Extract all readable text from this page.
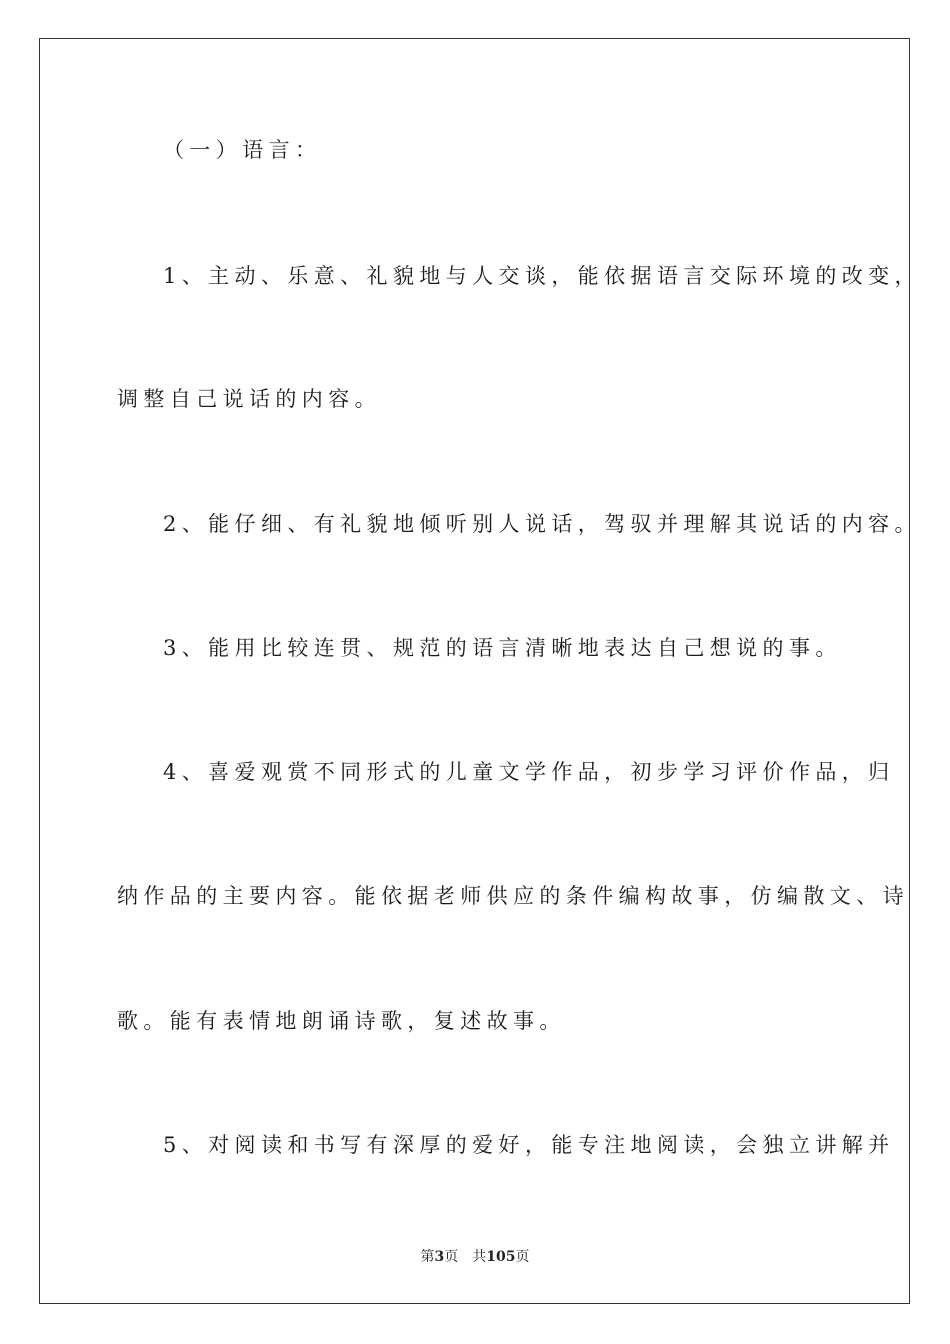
（一）语言：
1、主动、乐意、礼貌地与人交谈，能依据语言交际环境的改变，
调整自己说话的内容。
2、能仔细、有礼貌地倾听别人说话，驾驭并理解其说话的内容。
3、能用比较连贯、规范的语言清晰地表达自己想说的事。
4、喜爱观赏不同形式的儿童文学作品，初步学习评价作品，归
纳作品的主要内容。能依据老师供应的条件编构故事，仿编散文、诗
歌。能有表情地朗诵诗歌，复述故事。
5、对阅读和书写有深厚的爱好，能专注地阅读，会独立讲解并
第3页 共105页
